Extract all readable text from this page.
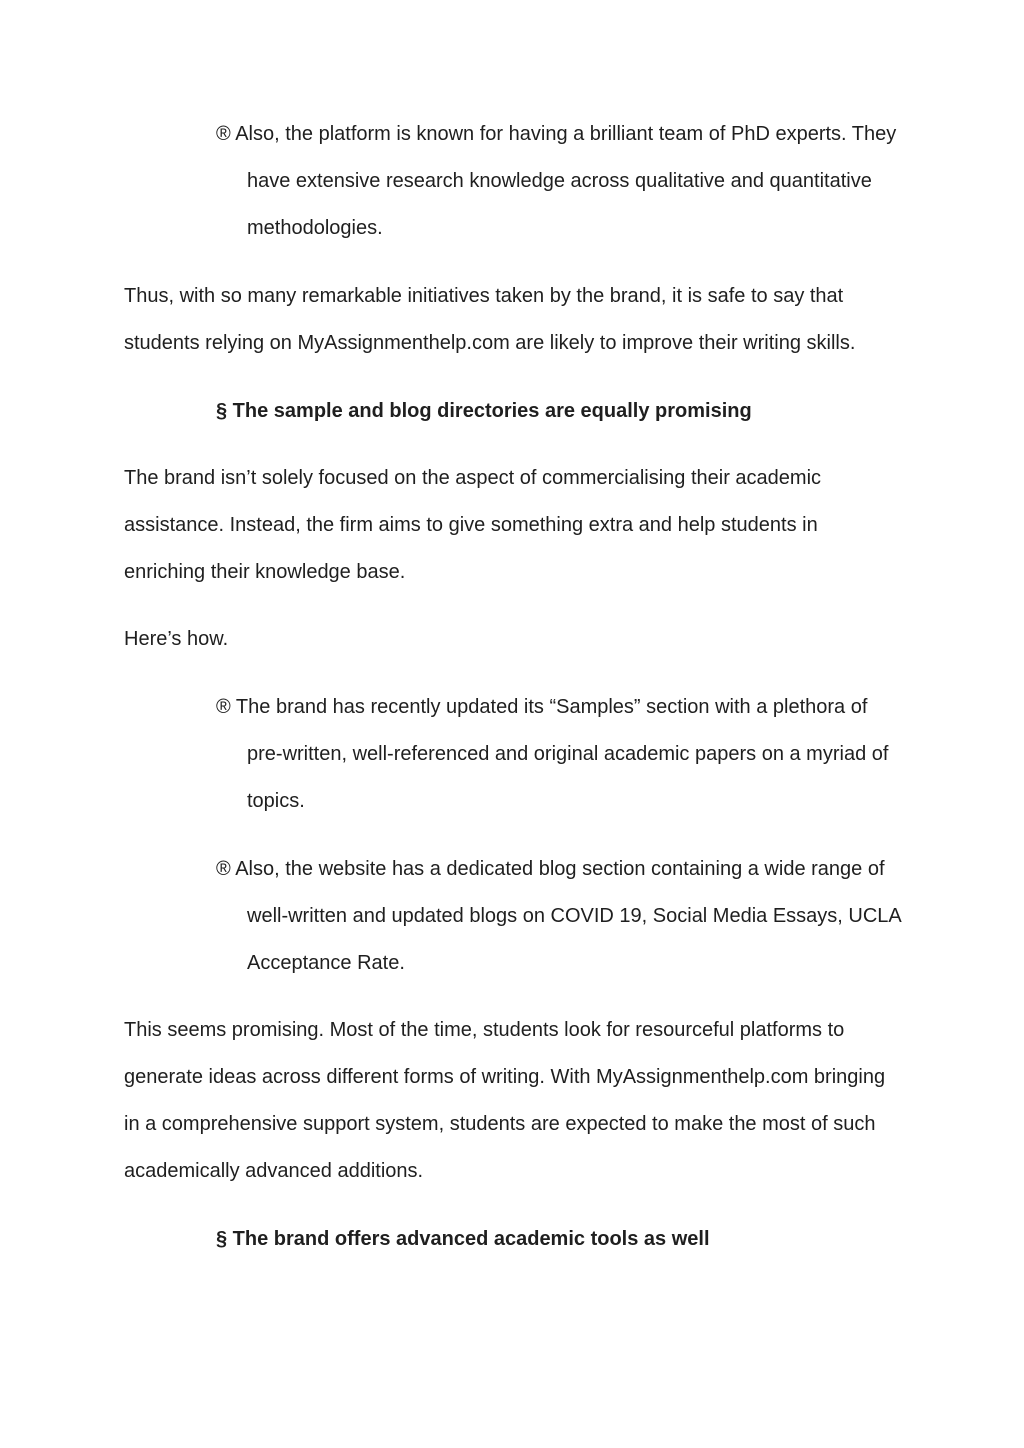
® Also, the platform is known for having a brilliant team of PhD experts. They have extensive research knowledge across qualitative and quantitative methodologies.

Thus, with so many remarkable initiatives taken by the brand, it is safe to say that students relying on MyAssignmenthelp.com are likely to improve their writing skills.

§ The sample and blog directories are equally promising

The brand isn’t solely focused on the aspect of commercialising their academic assistance. Instead, the firm aims to give something extra and help students in enriching their knowledge base.

Here’s how.

® The brand has recently updated its “Samples” section with a plethora of pre-written, well-referenced and original academic papers on a myriad of topics.

® Also, the website has a dedicated blog section containing a wide range of well-written and updated blogs on COVID 19, Social Media Essays, UCLA Acceptance Rate.

This seems promising. Most of the time, students look for resourceful platforms to generate ideas across different forms of writing. With MyAssignmenthelp.com bringing in a comprehensive support system, students are expected to make the most of such academically advanced additions.

§ The brand offers advanced academic tools as well
